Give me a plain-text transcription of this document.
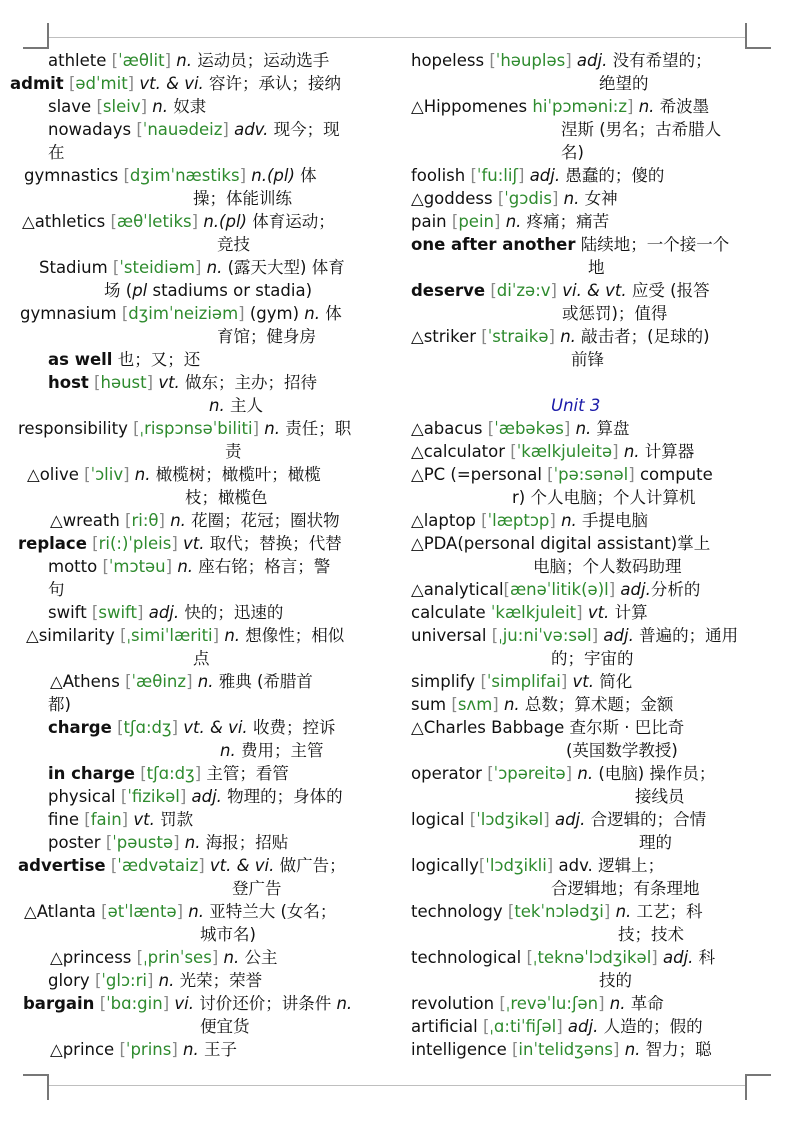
athlete [ˈæθlit] n. 运动员；运动选手
admit [ədˈmit] vt. & vi. 容许；承认；接纳
slave [sleiv] n. 奴隶
nowadays [ˈnauədeiz] adv. 现今；现
在
gymnastics [dʒimˈnæstiks] n.(pl) 体
操；体能训练
△athletics [æθˈletiks] n.(pl) 体育运动；
竞技
Stadium [ˈsteidiəm] n. (露天大型) 体育
场 (pl stadiums or stadia)
gymnasium [dʒimˈneiziəm] (gym) n. 体
育馆；健身房
as well 也；又；还
host [həust] vt. 做东；主办；招待
n. 主人
responsibility [ˌrispɔnsəˈbiliti] n. 责任；职
责
△olive [ˈɔliv] n. 橄榄树；橄榄叶；橄榄
枝；橄榄色
△wreath [ri:θ] n. 花圈；花冠；圈状物
replace [ri(:)ˈpleis] vt. 取代；替换；代替
motto [ˈmɔtəu] n. 座右铭；格言；警
句
swift [swift] adj. 快的；迅速的
△similarity [ˌsimiˈlæriti] n. 想像性；相似
点
△Athens [ˈæθinz] n. 雅典 (希腊首
都)
charge [tʃɑ:dʒ] vt. & vi. 收费；控诉
n. 费用；主管
in charge [tʃɑ:dʒ] 主管；看管
physical [ˈfizikəl] adj. 物理的；身体的
fine [fain] vt. 罚款
poster [ˈpəustə] n. 海报；招贴
advertise [ˈædvətaiz] vt. & vi. 做广告；
登广告
△Atlanta [ətˈlæntə] n. 亚特兰大 (女名；
城市名)
△princess [ˌprinˈses] n. 公主
glory [ˈglɔ:ri] n. 光荣；荣誉
bargain [ˈbɑ:gin] vi. 讨价还价；讲条件 n.
便宜货
△prince [ˈprins] n. 王子
hopeless [ˈhəupləs] adj. 没有希望的；
绝望的
△Hippomenes hiˈpɔməni:z] n. 希波墨
涅斯 (男名；古希腊人
名)
foolish [ˈfu:liʃ] adj. 愚蠢的；傻的
△goddess [ˈgɔdis] n. 女神
pain [pein] n. 疼痛；痛苦
one after another 陆续地；一个接一个
地
deserve [diˈzə:v] vi. & vt. 应受 (报答
或惩罚)；值得
△striker [ˈstraikə] n. 敲击者；(足球的)
前锋
Unit 3
△abacus [ˈæbəkəs] n. 算盘
△calculator [ˈkælkjuleitə] n. 计算器
△PC (=personal [ˈpə:sənəl] compute
r) 个人电脑；个人计算机
△laptop [ˈlæptɔp] n. 手提电脑
△PDA(personal digital assistant)掌上
电脑；个人数码助理
△analytical[ænəˈlitik(ə)l] adj.分析的
calculate ˈkælkjuleit] vt. 计算
universal [ˌju:niˈvə:səl] adj. 普遍的；通用
的；宇宙的
simplify [ˈsimplifai] vt. 简化
sum [sʌm] n. 总数；算术题；金额
△Charles Babbage 查尔斯 · 巴比奇
(英国数学教授)
operator [ˈɔpəreitə] n. (电脑) 操作员；
接线员
logical [ˈlɔdʒikəl] adj. 合逻辑的；合情
理的
logically[ˈlɔdʒikli] adv. 逻辑上；
合逻辑地；有条理地
technology [tekˈnɔlədʒi] n. 工艺；科
技；技术
technological [ˌteknəˈlɔdʒikəl] adj. 科
技的
revolution [ˌrevəˈlu:ʃən] n. 革命
artificial [ˌɑ:tiˈfiʃəl] adj. 人造的；假的
intelligence [inˈtelidʒəns] n. 智力；聪
